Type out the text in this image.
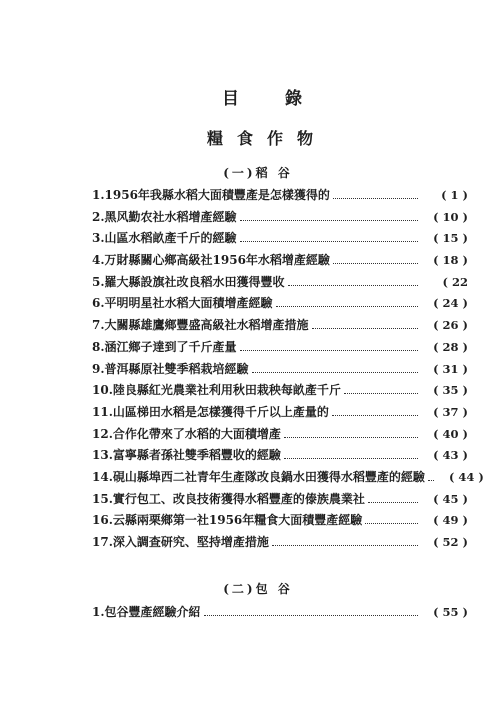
目錄
糧食作物
(一)稻 谷
1.1956年我縣水稻大面積豐產是怎樣獲得的	( 1 )
2.黑风勤农社水稻增產經驗	( 10 )
3.山區水稻畝產千斤的經驗	( 15 )
4.万財縣關心鄉高級社1956年水稻增產經驗	( 18 )
5.羅大縣設旗社改良稻水田獲得豐收	( 22
6.平明明星社水稻大面積增產經驗	( 24 )
7.大關縣雄鷹鄉豐盛高級社水稻增產措施	( 26 )
8.涵江鄉子達到了千斤產量	( 28 )
9.普洱縣原社雙季稻栽培經驗	( 31 )
10.陸良縣紅光農業社利用秋田栽秧每畝產千斤	( 35 )
11.山區梯田水稻是怎樣獲得千斤以上產量的	( 37 )
12.合作化帶來了水稻的大面積增產	( 40 )
13.富寧縣者孫社雙季稻豐收的經驗	( 43 )
14.硯山縣埠西二社青年生產隊改良鍋水田獲得水稻豐產的經驗	( 44 )
15.實行包工、改良技術獲得水稻豐產的傣族農業社	( 45 )
16.云縣兩栗鄉第一社1956年糧食大面積豐產經驗	( 49 )
17.深入調查研究、堅持增產措施	( 52 )
(二)包 谷
1.包谷豐產經驗介紹	( 55 )
